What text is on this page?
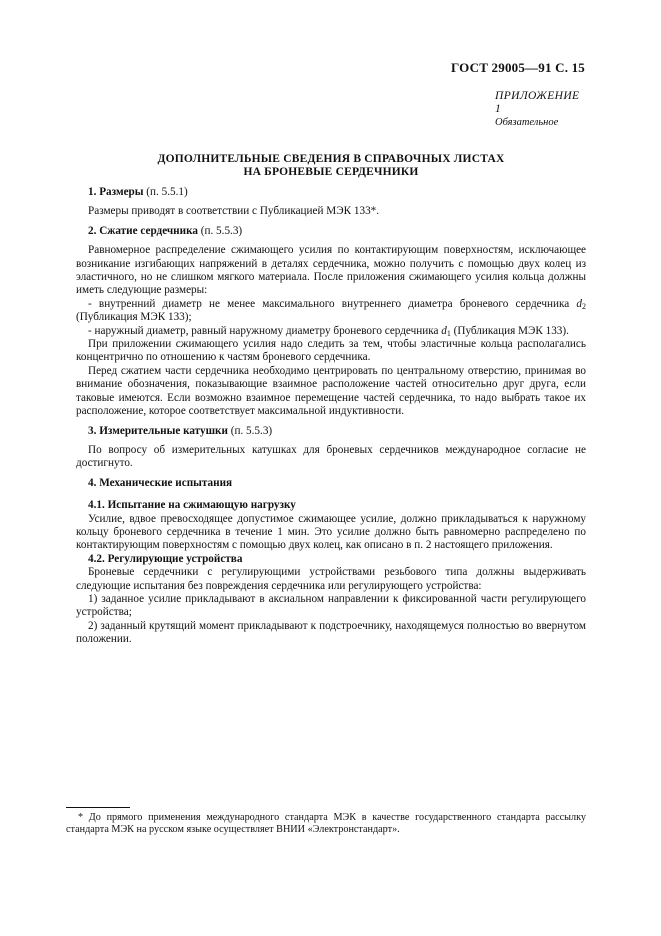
ГОСТ 29005—91 С. 15
ПРИЛОЖЕНИЕ 1
Обязательное
ДОПОЛНИТЕЛЬНЫЕ СВЕДЕНИЯ В СПРАВОЧНЫХ ЛИСТАХ
НА БРОНЕВЫЕ СЕРДЕЧНИКИ

1. Размеры (п. 5.5.1)

Размеры приводят в соответствии с Публикацией МЭК 133*.

2. Сжатие сердечника (п. 5.5.3)

Равномерное распределение сжимающего усилия по контактирующим поверхностям, исключающее возникание изгибающих напряжений в деталях сердечника, можно получить с помощью двух колец из эластичного, но не слишком мягкого материала. После приложения сжимающего усилия кольца должны иметь следующие размеры:

- внутренний диаметр не менее максимального внутреннего диаметра броневого сердечника $d_2$ (Публикация МЭК 133);

- наружный диаметр, равный наружному диаметру броневого сердечника $d_1$ (Публикация МЭК 133).

При приложении сжимающего усилия надо следить за тем, чтобы эластичные кольца располагались концентрично по отношению к частям броневого сердечника.

Перед сжатием части сердечника необходимо центрировать по центральному отверстию, принимая во внимание обозначения, показывающие взаимное расположение частей относительно друг друга, если таковые имеются. Если возможно взаимное перемещение частей сердечника, то надо выбрать такое их расположение, которое соответствует максимальной индуктивности.

3. Измерительные катушки (п. 5.5.3)

По вопросу об измерительных катушках для броневых сердечников международное согласие не достигнуто.

4. Механические испытания

4.1. Испытание на сжимающую нагрузку

Усилие, вдвое превосходящее допустимое сжимающее усилие, должно прикладываться к наружному кольцу броневого сердечника в течение 1 мин. Это усилие должно быть равномерно распределено по контактирующим поверхностям с помощью двух колец, как описано в п. 2 настоящего приложения.

4.2. Регулирующие устройства

Броневые сердечники с регулирующими устройствами резьбового типа должны выдерживать следующие испытания без повреждения сердечника или регулирующего устройства:

1) заданное усилие прикладывают в аксиальном направлении к фиксированной части регулирующего устройства;

2) заданный крутящий момент прикладывают к подстроечнику, находящемуся полностью во ввернутом положении.

* До прямого применения международного стандарта МЭК в качестве государственного стандарта рассылку стандарта МЭК на русском языке осуществляет ВНИИ «Электронстандарт».
